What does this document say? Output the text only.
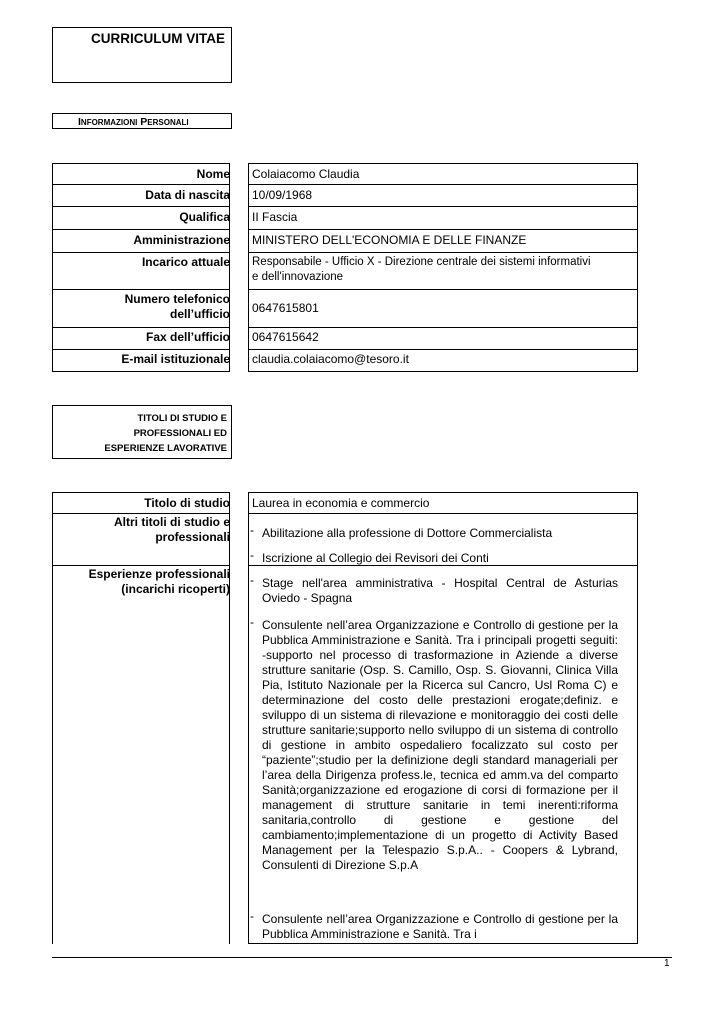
CURRICULUM VITAE
INFORMAZIONI PERSONALI
Nome Colaiacomo Claudia
Data di nascita 10/09/1968
Qualifica II Fascia
Amministrazione MINISTERO DELL'ECONOMIA E DELLE FINANZE
Incarico attuale Responsabile - Ufficio X - Direzione centrale dei sistemi informativi e dell'innovazione
Numero telefonico dell’ufficio 0647615801
Fax dell’ufficio 0647615642
E-mail istituzionale claudia.colaiacomo@tesoro.it
TITOLI DI STUDIO E
PROFESSIONALI ED
ESPERIENZE LAVORATIVE
Titolo di studio Laurea in economia e commercio
Altri titoli di studio e professionali - Abilitazione alla professione di Dottore Commercialista
- Iscrizione al Collegio dei Revisori dei Conti
Esperienze professionali (incarichi ricoperti)
- Stage nell'area amministrativa - Hospital Central de Asturias Oviedo - Spagna
- Consulente nell’area Organizzazione e Controllo di gestione per la Pubblica Amministrazione e Sanità. Tra i principali progetti seguiti: -supporto nel processo di trasformazione in Aziende a diverse strutture sanitarie (Osp. S. Camillo, Osp. S. Giovanni, Clinica Villa Pia, Istituto Nazionale per la Ricerca sul Cancro, Usl Roma C) e determinazione del costo delle prestazioni erogate;definiz. e sviluppo di un sistema di rilevazione e monitoraggio dei costi delle strutture sanitarie;supporto nello sviluppo di un sistema di controllo di gestione in ambito ospedaliero focalizzato sul costo per “paziente”;studio per la definizione degli standard manageriali per l’area della Dirigenza profess.le, tecnica ed amm.va del comparto Sanità;organizzazione ed erogazione di corsi di formazione per il management di strutture sanitarie in temi inerenti:riforma sanitaria,controllo di gestione e gestione del cambiamento;implementazione di un progetto di Activity Based Management per la Telespazio S.p.A.. - Coopers & Lybrand, Consulenti di Direzione S.p.A
- Consulente nell’area Organizzazione e Controllo di gestione per la Pubblica Amministrazione e Sanità. Tra i
1
